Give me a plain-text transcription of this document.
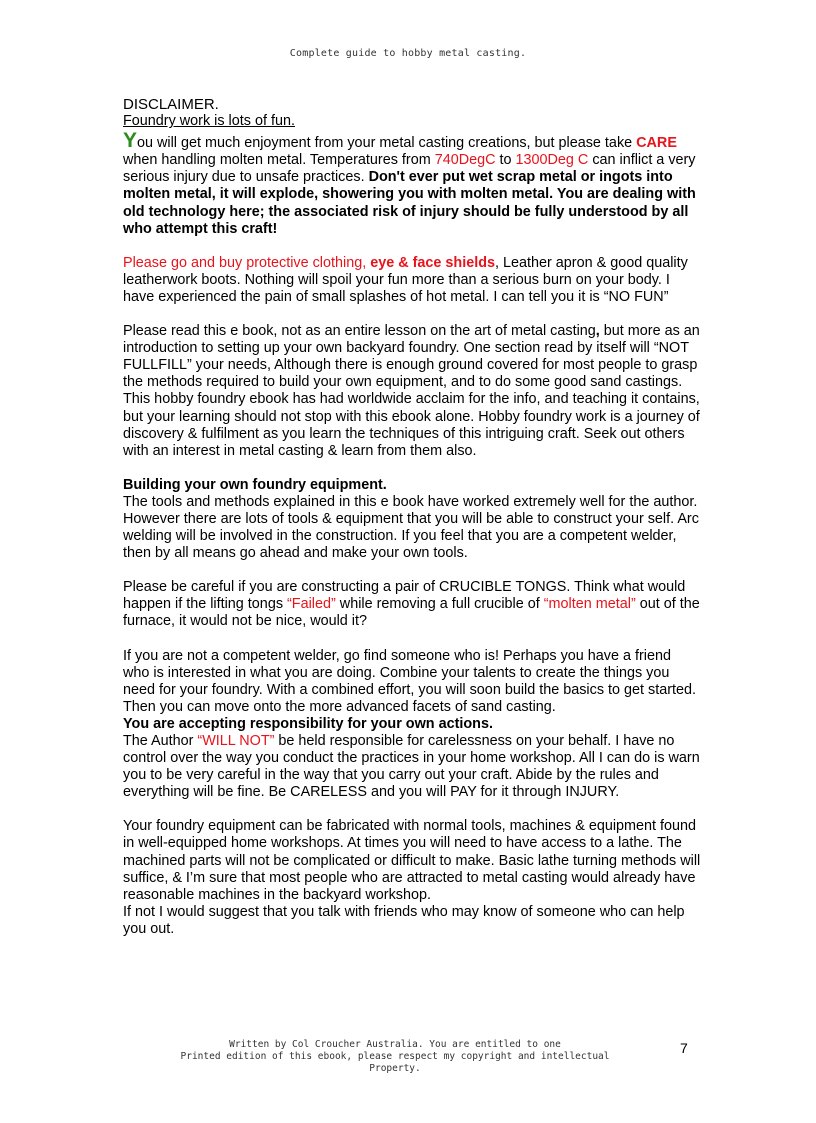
Complete guide to hobby metal casting.

DISCLAIMER.

Foundry work is lots of fun.

You will get much enjoyment from your metal casting creations, but please take CARE when handling molten metal. Temperatures from 740DegC to 1300Deg C can inflict a very serious injury due to unsafe practices. Don't ever put wet scrap metal or ingots into molten metal, it will explode, showering you with molten metal. You are dealing with old technology here; the associated risk of injury should be fully understood by all who attempt this craft!

Please go and buy protective clothing, eye & face shields, Leather apron & good quality leatherwork boots. Nothing will spoil your fun more than a serious burn on your body. I have experienced the pain of small splashes of hot metal. I can tell you it is “NO FUN”

Please read this e book, not as an entire lesson on the art of metal casting, but more as an introduction to setting up your own backyard foundry. One section read by itself will “NOT FULLFILL” your needs, Although there is enough ground covered for most people to grasp the methods required to build your own equipment, and to do some good sand castings.

This hobby foundry ebook has had worldwide acclaim for the info, and teaching it contains, but your learning should not stop with this ebook alone. Hobby foundry work is a journey of discovery & fulfilment as you learn the techniques of this intriguing craft. Seek out others with an interest in metal casting & learn from them also.

Building your own foundry equipment.

The tools and methods explained in this e book have worked extremely well for the author. However there are lots of tools & equipment that you will be able to construct your self. Arc welding will be involved in the construction. If you feel that you are a competent welder, then by all means go ahead and make your own tools.

Please be careful if you are constructing a pair of CRUCIBLE TONGS. Think what would happen if the lifting tongs “Failed” while removing a full crucible of “molten metal” out of the furnace, it would not be nice, would it?

If you are not a competent welder, go find someone who is! Perhaps you have a friend who is interested in what you are doing. Combine your talents to create the things you need for your foundry. With a combined effort, you will soon build the basics to get started. Then you can move onto the more advanced facets of sand casting.

You are accepting responsibility for your own actions.

The Author “WILL NOT” be held responsible for carelessness on your behalf. I have no control over the way you conduct the practices in your home workshop. All I can do is warn you to be very careful in the way that you carry out your craft. Abide by the rules and everything will be fine. Be CARELESS and you will PAY for it through INJURY.

Your foundry equipment can be fabricated with normal tools, machines & equipment found in well-equipped home workshops. At times you will need to have access to a lathe. The machined parts will not be complicated or difficult to make. Basic lathe turning methods will suffice, & I’m sure that most people who are attracted to metal casting would already have reasonable machines in the backyard workshop.

If not I would suggest that you talk with friends who may know of someone who can help you out.

Written by Col Croucher Australia. You are entitled to one
Printed edition of this ebook, please respect my copyright and intellectual
Property.
7
